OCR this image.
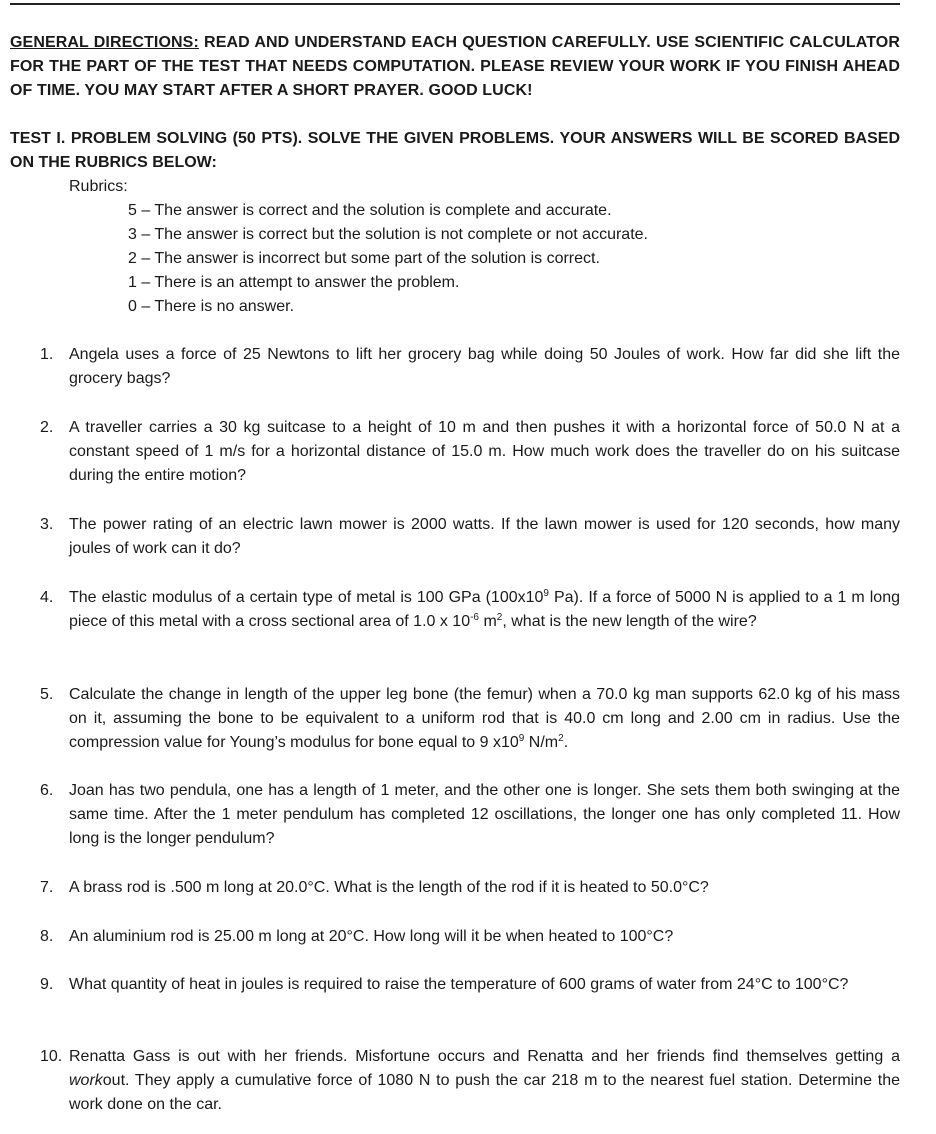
GENERAL DIRECTIONS: READ AND UNDERSTAND EACH QUESTION CAREFULLY. USE SCIENTIFIC CALCULATOR FOR THE PART OF THE TEST THAT NEEDS COMPUTATION. PLEASE REVIEW YOUR WORK IF YOU FINISH AHEAD OF TIME. YOU MAY START AFTER A SHORT PRAYER. GOOD LUCK!
TEST I. PROBLEM SOLVING (50 PTS). SOLVE THE GIVEN PROBLEMS. YOUR ANSWERS WILL BE SCORED BASED ON THE RUBRICS BELOW:
Rubrics:
5 – The answer is correct and the solution is complete and accurate.
3 – The answer is correct but the solution is not complete or not accurate.
2 – The answer is incorrect but some part of the solution is correct.
1 – There is an attempt to answer the problem.
0 – There is no answer.
1. Angela uses a force of 25 Newtons to lift her grocery bag while doing 50 Joules of work. How far did she lift the grocery bags?
2. A traveller carries a 30 kg suitcase to a height of 10 m and then pushes it with a horizontal force of 50.0 N at a constant speed of 1 m/s for a horizontal distance of 15.0 m. How much work does the traveller do on his suitcase during the entire motion?
3. The power rating of an electric lawn mower is 2000 watts. If the lawn mower is used for 120 seconds, how many joules of work can it do?
4. The elastic modulus of a certain type of metal is 100 GPa ($100x10^9$ Pa). If a force of 5000 N is applied to a 1 m long piece of this metal with a cross sectional area of 1.0 x $10^{-6}$ $m^2$, what is the new length of the wire?
5. Calculate the change in length of the upper leg bone (the femur) when a 70.0 kg man supports 62.0 kg of his mass on it, assuming the bone to be equivalent to a uniform rod that is 40.0 cm long and 2.00 cm in radius. Use the compression value for Young’s modulus for bone equal to 9 $x10^9$ $N/m^2$.
6. Joan has two pendula, one has a length of 1 meter, and the other one is longer. She sets them both swinging at the same time. After the 1 meter pendulum has completed 12 oscillations, the longer one has only completed 11. How long is the longer pendulum?
7. A brass rod is .500 m long at 20.0°C. What is the length of the rod if it is heated to 50.0°C?
8. An aluminium rod is 25.00 m long at 20°C. How long will it be when heated to 100°C?
9. What quantity of heat in joules is required to raise the temperature of 600 grams of water from 24°C to 100°C?
10. Renatta Gass is out with her friends. Misfortune occurs and Renatta and her friends find themselves getting a workout. They apply a cumulative force of 1080 N to push the car 218 m to the nearest fuel station. Determine the work done on the car.
